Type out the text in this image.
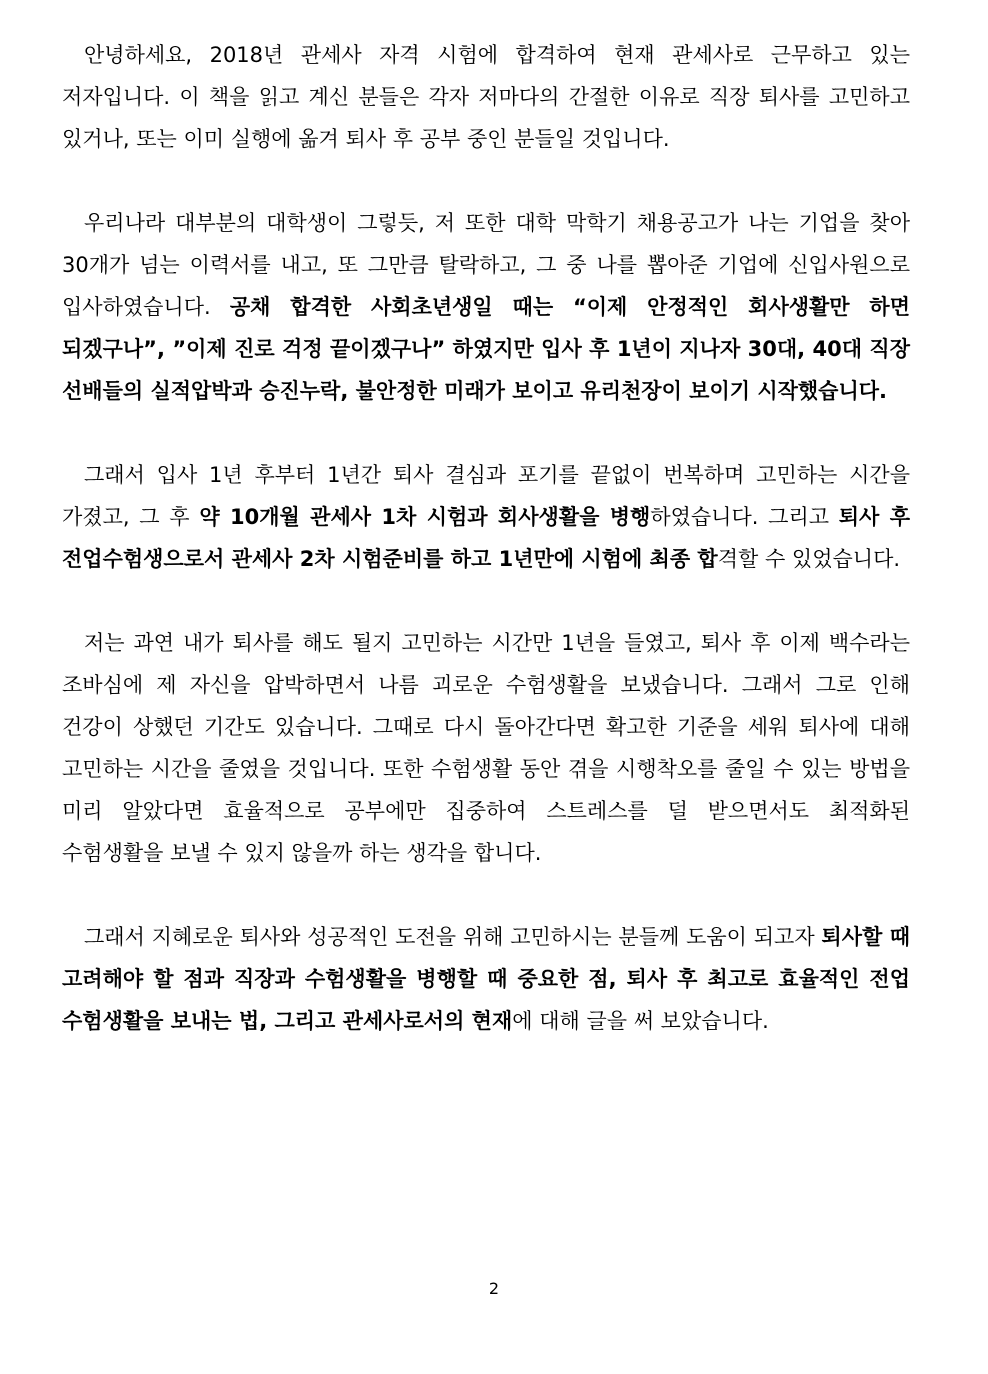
안녕하세요, 2018년 관세사 자격 시험에 합격하여 현재 관세사로 근무하고 있는 저자입니다. 이 책을 읽고 계신 분들은 각자 저마다의 간절한 이유로 직장 퇴사를 고민하고 있거나, 또는 이미 실행에 옮겨 퇴사 후 공부 중인 분들일 것입니다.

우리나라 대부분의 대학생이 그렇듯, 저 또한 대학 막학기 채용공고가 나는 기업을 찾아 30개가 넘는 이력서를 내고, 또 그만큼 탈락하고, 그 중 나를 뽑아준 기업에 신입사원으로 입사하였습니다. 공채 합격한 사회초년생일 때는 “이제 안정적인 회사생활만 하면 되겠구나”, ”이제 진로 걱정 끝이겠구나” 하였지만 입사 후 1년이 지나자 30대, 40대 직장 선배들의 실적압박과 승진누락, 불안정한 미래가 보이고 유리천장이 보이기 시작했습니다.

그래서 입사 1년 후부터 1년간 퇴사 결심과 포기를 끝없이 번복하며 고민하는 시간을 가졌고, 그 후 약 10개월 관세사 1차 시험과 회사생활을 병행하였습니다. 그리고 퇴사 후 전업수험생으로서 관세사 2차 시험준비를 하고 1년만에 시험에 최종 합격할 수 있었습니다.

저는 과연 내가 퇴사를 해도 될지 고민하는 시간만 1년을 들였고, 퇴사 후 이제 백수라는 조바심에 제 자신을 압박하면서 나름 괴로운 수험생활을 보냈습니다. 그래서 그로 인해 건강이 상했던 기간도 있습니다. 그때로 다시 돌아간다면 확고한 기준을 세워 퇴사에 대해 고민하는 시간을 줄였을 것입니다. 또한 수험생활 동안 겪을 시행착오를 줄일 수 있는 방법을 미리 알았다면 효율적으로 공부에만 집중하여 스트레스를 덜 받으면서도 최적화된 수험생활을 보낼 수 있지 않을까 하는 생각을 합니다.

그래서 지혜로운 퇴사와 성공적인 도전을 위해 고민하시는 분들께 도움이 되고자 퇴사할 때 고려해야 할 점과 직장과 수험생활을 병행할 때 중요한 점, 퇴사 후 최고로 효율적인 전업 수험생활을 보내는 법, 그리고 관세사로서의 현재에 대해 글을 써 보았습니다.

2
